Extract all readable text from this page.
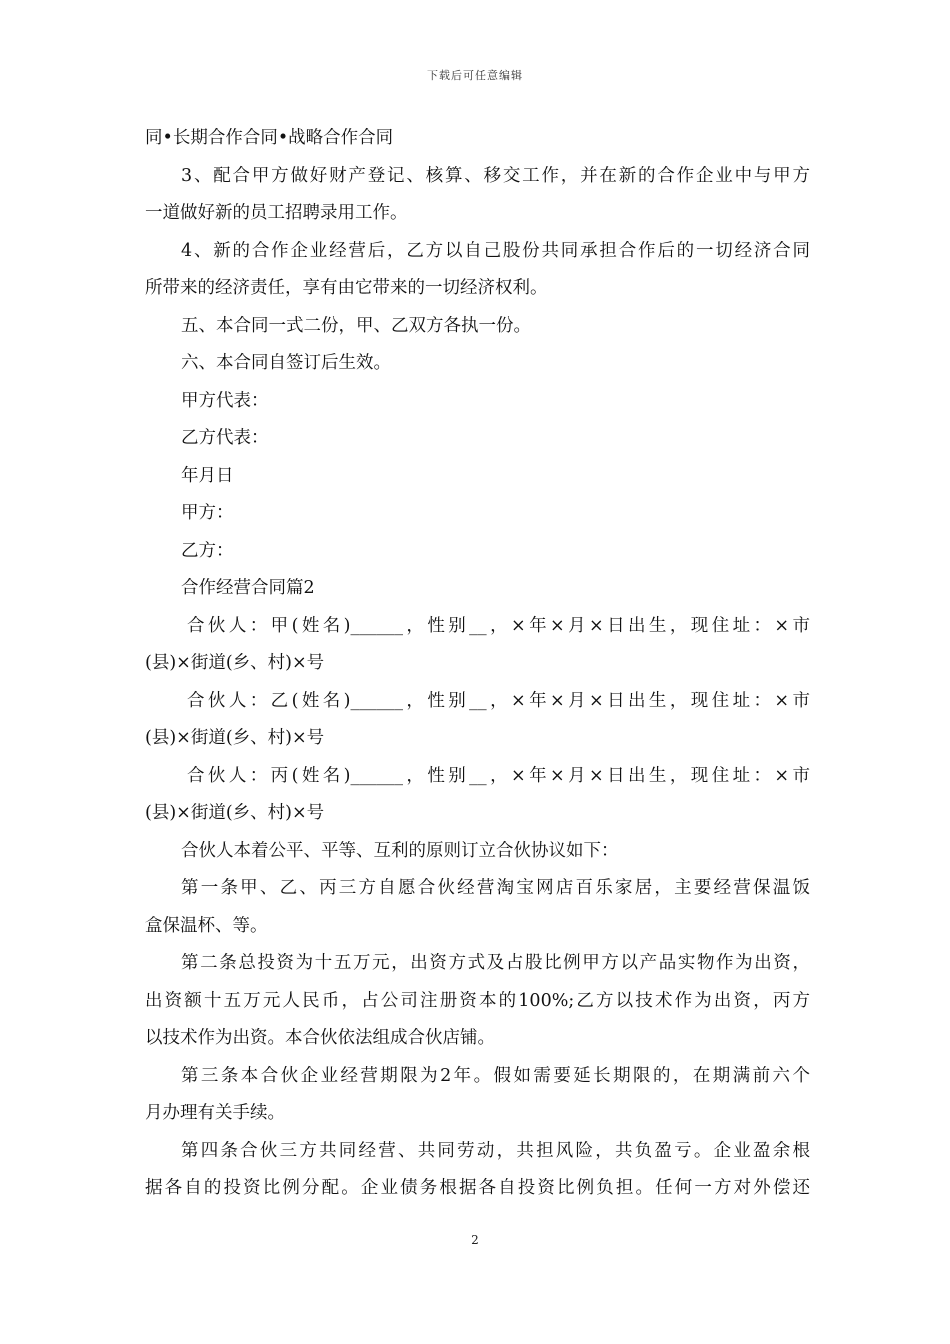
下载后可任意编辑
同•长期合作合同•战略合作合同
3、配合甲方做好财产登记、核算、移交工作，并在新的合作企业中与甲方
一道做好新的员工招聘录用工作。
4、新的合作企业经营后，乙方以自己股份共同承担合作后的一切经济合同
所带来的经济责任，享有由它带来的一切经济权利。
五、本合同一式二份，甲、乙双方各执一份。
六、本合同自签订后生效。
甲方代表：
乙方代表：
年月日
甲方：
乙方：
合作经营合同篇2
合伙人：甲(姓名)______，性别__，×年×月×日出生，现住址：×市
(县)×街道(乡、村)×号
合伙人：乙(姓名)______，性别__，×年×月×日出生，现住址：×市
(县)×街道(乡、村)×号
合伙人：丙(姓名)______，性别__，×年×月×日出生，现住址：×市
(县)×街道(乡、村)×号
合伙人本着公平、平等、互利的原则订立合伙协议如下：
第一条甲、乙、丙三方自愿合伙经营淘宝网店百乐家居，主要经营保温饭
盒保温杯、等。
第二条总投资为十五万元，出资方式及占股比例甲方以产品实物作为出资，
出资额十五万元人民币，占公司注册资本的100%;乙方以技术作为出资，丙方
以技术作为出资。本合伙依法组成合伙店铺。
第三条本合伙企业经营期限为2年。假如需要延长期限的，在期满前六个
月办理有关手续。
第四条合伙三方共同经营、共同劳动，共担风险，共负盈亏。企业盈余根
据各自的投资比例分配。企业债务根据各自投资比例负担。任何一方对外偿还
2
